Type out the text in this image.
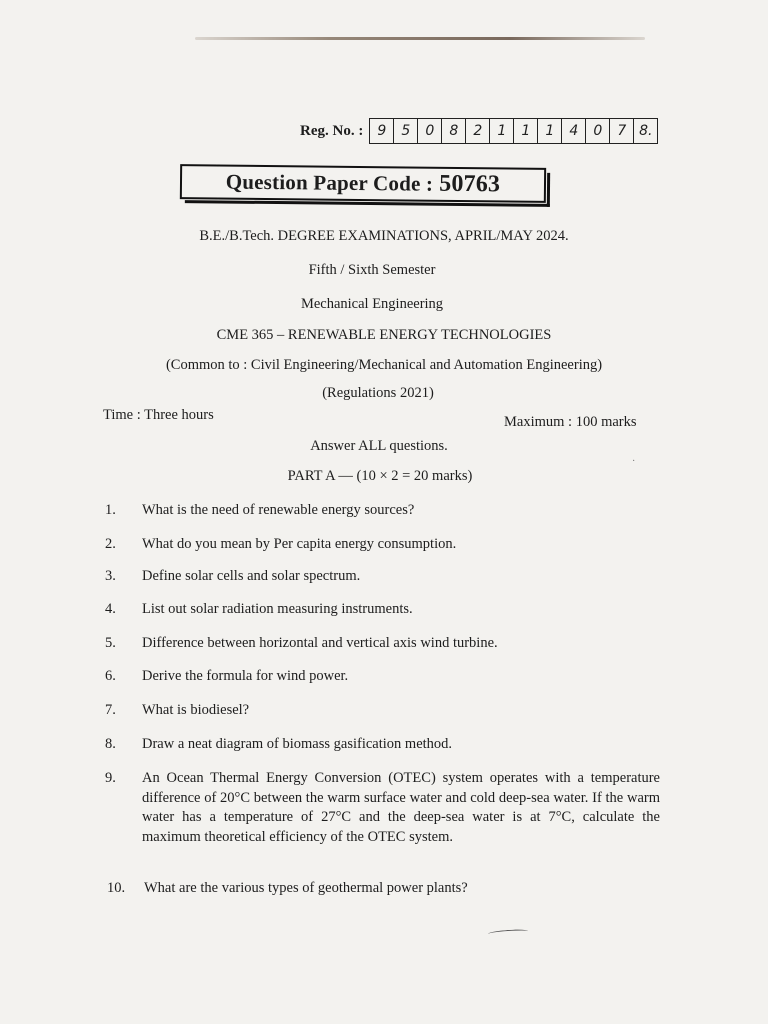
Reg. No. :	9	5	0	8	2	1	1	1	4	0	7 8.
Question Paper Code : 50763
B.E./B.Tech. DEGREE EXAMINATIONS, APRIL/MAY 2024.
Fifth / Sixth Semester
Mechanical Engineering
CME 365 – RENEWABLE ENERGY TECHNOLOGIES
(Common to : Civil Engineering/Mechanical and Automation Engineering)
(Regulations 2021)
Time : Three hours	Maximum : 100 marks
Answer ALL questions.
PART A — (10 × 2 = 20 marks)
·
1.	What is the need of renewable energy sources?
2.	What do you mean by Per capita energy consumption.
3.	Define solar cells and solar spectrum.
4.	List out solar radiation measuring instruments.
5.	Difference between horizontal and vertical axis wind turbine.
6.	Derive the formula for wind power.
7.	What is biodiesel?
8.	Draw a neat diagram of biomass gasification method.
9.	An Ocean Thermal Energy Conversion (OTEC) system operates with a temperature difference of 20°C between the warm surface water and cold deep-sea water. If the warm water has a temperature of 27°C and the deep-sea water is at 7°C, calculate the maximum theoretical efficiency of the OTEC system.
10.	What are the various types of geothermal power plants?
